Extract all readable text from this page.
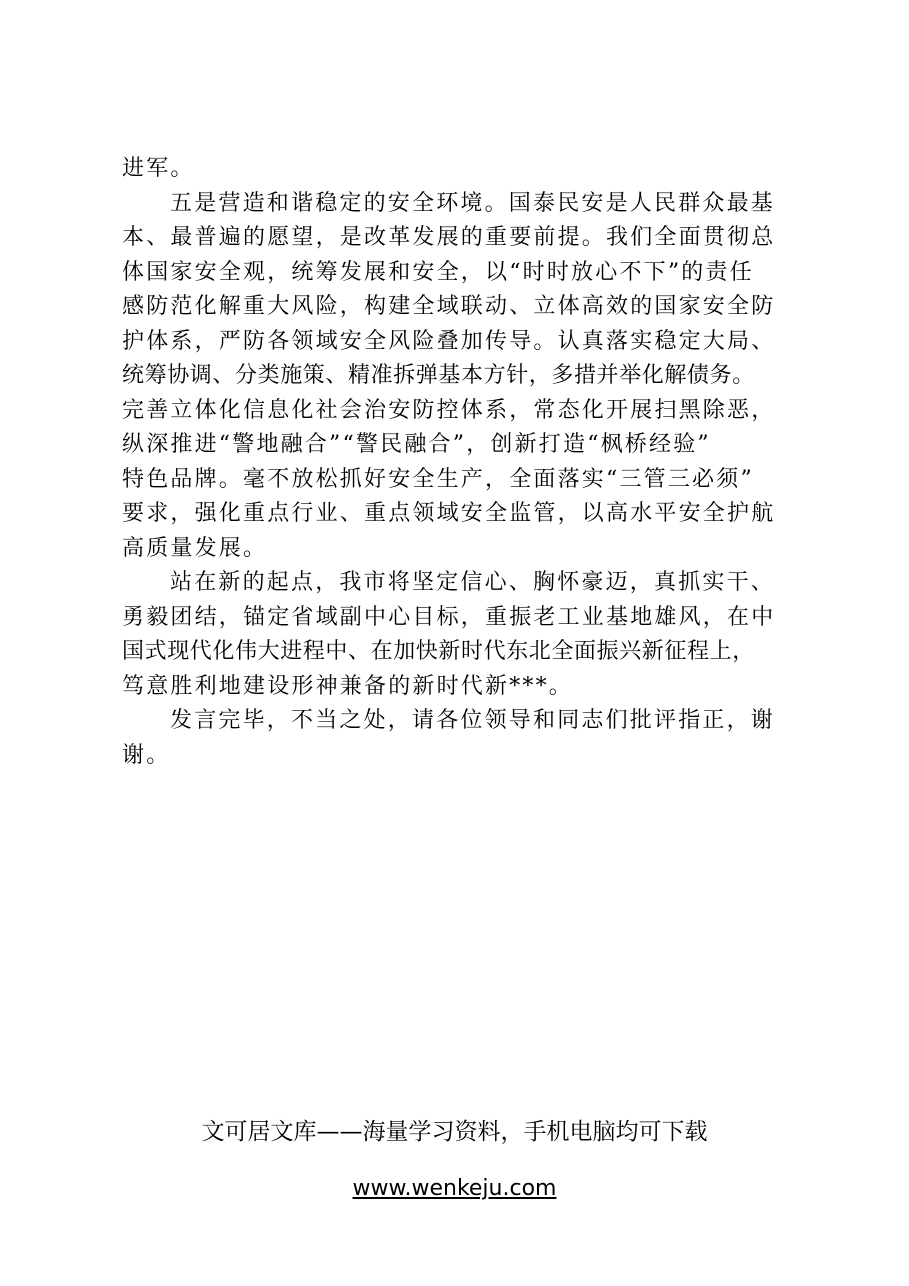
进军。
五是营造和谐稳定的安全环境。国泰民安是人民群众最基
本、最普遍的愿望，是改革发展的重要前提。我们全面贯彻总
体国家安全观，统筹发展和安全，以“时时放心不下”的责任
感防范化解重大风险，构建全域联动、立体高效的国家安全防
护体系，严防各领域安全风险叠加传导。认真落实稳定大局、
统筹协调、分类施策、精准拆弹基本方针，多措并举化解债务。
完善立体化信息化社会治安防控体系，常态化开展扫黑除恶，
纵深推进“警地融合”“警民融合”，创新打造“枫桥经验”
特色品牌。毫不放松抓好安全生产，全面落实“三管三必须”
要求，强化重点行业、重点领域安全监管，以高水平安全护航
高质量发展。
站在新的起点，我市将坚定信心、胸怀豪迈，真抓实干、
勇毅团结，锚定省域副中心目标，重振老工业基地雄风，在中
国式现代化伟大进程中、在加快新时代东北全面振兴新征程上，
笃意胜利地建设形神兼备的新时代新***。
发言完毕，不当之处，请各位领导和同志们批评指正，谢
谢。
文可居文库——海量学习资料，手机电脑均可下载
www.wenkeju.com
